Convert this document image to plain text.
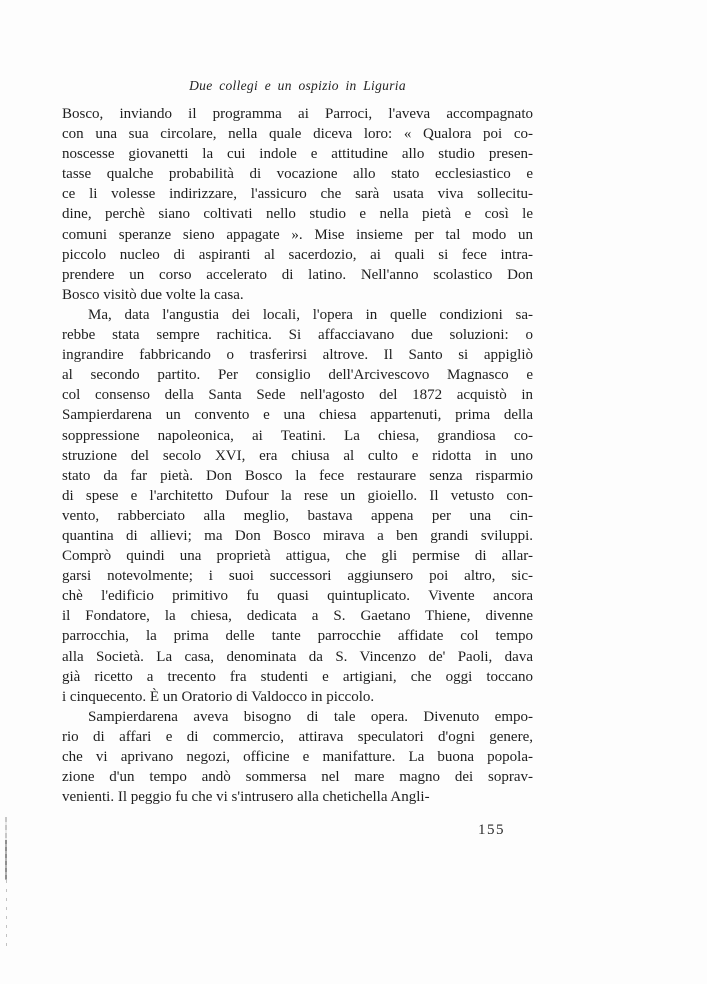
Due collegi e un ospizio in Liguria
Bosco, inviando il programma ai Parroci, l'aveva accompagnato
con una sua circolare, nella quale diceva loro: « Qualora poi co-
noscesse giovanetti la cui indole e attitudine allo studio presen-
tasse qualche probabilità di vocazione allo stato ecclesiastico e
ce li volesse indirizzare, l'assicuro che sarà usata viva sollecitu-
dine, perchè siano coltivati nello studio e nella pietà e così le
comuni speranze sieno appagate ». Mise insieme per tal modo un
piccolo nucleo di aspiranti al sacerdozio, ai quali si fece intra-
prendere un corso accelerato di latino. Nell'anno scolastico Don
Bosco visitò due volte la casa.
Ma, data l'angustia dei locali, l'opera in quelle condizioni sa-
rebbe stata sempre rachitica. Si affacciavano due soluzioni: o
ingrandire fabbricando o trasferirsi altrove. Il Santo si appigliò
al secondo partito. Per consiglio dell'Arcivescovo Magnasco e
col consenso della Santa Sede nell'agosto del 1872 acquistò in
Sampierdarena un convento e una chiesa appartenuti, prima della
soppressione napoleonica, ai Teatini. La chiesa, grandiosa co-
struzione del secolo XVI, era chiusa al culto e ridotta in uno
stato da far pietà. Don Bosco la fece restaurare senza risparmio
di spese e l'architetto Dufour la rese un gioiello. Il vetusto con-
vento, rabberciato alla meglio, bastava appena per una cin-
quantina di allievi; ma Don Bosco mirava a ben grandi sviluppi.
Comprò quindi una proprietà attigua, che gli permise di allar-
garsi notevolmente; i suoi successori aggiunsero poi altro, sic-
chè l'edificio primitivo fu quasi quintuplicato. Vivente ancora
il Fondatore, la chiesa, dedicata a S. Gaetano Thiene, divenne
parrocchia, la prima delle tante parrocchie affidate col tempo
alla Società. La casa, denominata da S. Vincenzo de' Paoli, dava
già ricetto a trecento fra studenti e artigiani, che oggi toccano
i cinquecento. È un Oratorio di Valdocco in piccolo.
Sampierdarena aveva bisogno di tale opera. Divenuto empo-
rio di affari e di commercio, attirava speculatori d'ogni genere,
che vi aprivano negozi, officine e manifatture. La buona popola-
zione d'un tempo andò sommersa nel mare magno dei soprav-
venienti. Il peggio fu che vi s'intrusero alla chetichella Angli-
155
